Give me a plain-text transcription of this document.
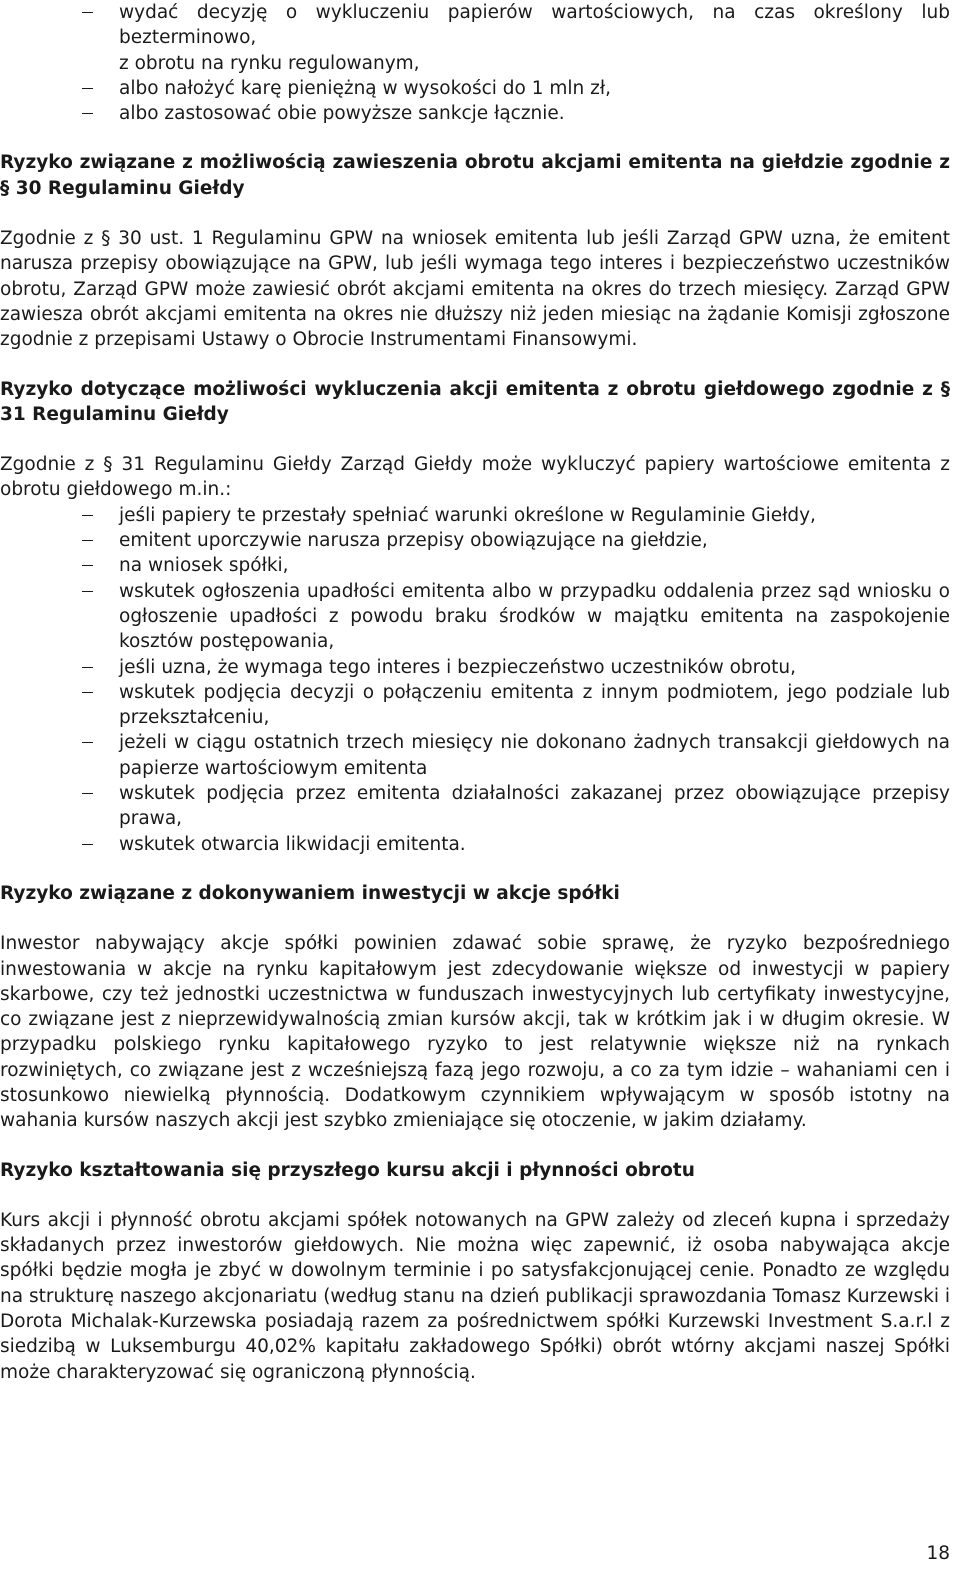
wydać decyzję o wykluczeniu papierów wartościowych, na czas określony lub bezterminowo,
z obrotu na rynku regulowanym,
albo nałożyć karę pieniężną w wysokości do 1 mln zł,
albo zastosować obie powyższe sankcje łącznie.
Ryzyko związane z możliwością zawieszenia obrotu akcjami emitenta na giełdzie zgodnie z § 30 Regulaminu Giełdy

Zgodnie z § 30 ust. 1 Regulaminu GPW na wniosek emitenta lub jeśli Zarząd GPW uzna, że emitent narusza przepisy obowiązujące na GPW, lub jeśli wymaga tego interes i bezpieczeństwo uczestników obrotu, Zarząd GPW może zawiesić obrót akcjami emitenta na okres do trzech miesięcy. Zarząd GPW zawiesza obrót akcjami emitenta na okres nie dłuższy niż jeden miesiąc na żądanie Komisji zgłoszone zgodnie z przepisami Ustawy o Obrocie Instrumentami Finansowymi.

Ryzyko dotyczące możliwości wykluczenia akcji emitenta z obrotu giełdowego zgodnie z § 31 Regulaminu Giełdy

Zgodnie z § 31 Regulaminu Giełdy Zarząd Giełdy może wykluczyć papiery wartościowe emitenta z obrotu giełdowego m.in.:

jeśli papiery te przestały spełniać warunki określone w Regulaminie Giełdy,
emitent uporczywie narusza przepisy obowiązujące na giełdzie,
na wniosek spółki,
wskutek ogłoszenia upadłości emitenta albo w przypadku oddalenia przez sąd wniosku o ogłoszenie upadłości z powodu braku środków w majątku emitenta na zaspokojenie kosztów postępowania,
jeśli uzna, że wymaga tego interes i bezpieczeństwo uczestników obrotu,
wskutek podjęcia decyzji o połączeniu emitenta z innym podmiotem, jego podziale lub przekształceniu,
jeżeli w ciągu ostatnich trzech miesięcy nie dokonano żadnych transakcji giełdowych na papierze wartościowym emitenta
wskutek podjęcia przez emitenta działalności zakazanej przez obowiązujące przepisy prawa,
wskutek otwarcia likwidacji emitenta.
Ryzyko związane z dokonywaniem inwestycji w akcje spółki

Inwestor nabywający akcje spółki powinien zdawać sobie sprawę, że ryzyko bezpośredniego inwestowania w akcje na rynku kapitałowym jest zdecydowanie większe od inwestycji w papiery skarbowe, czy też jednostki uczestnictwa w funduszach inwestycyjnych lub certyfikaty inwestycyjne, co związane jest z nieprzewidywalnością zmian kursów akcji, tak w krótkim jak i w długim okresie. W przypadku polskiego rynku kapitałowego ryzyko to jest relatywnie większe niż na rynkach rozwiniętych, co związane jest z wcześniejszą fazą jego rozwoju, a co za tym idzie – wahaniami cen i stosunkowo niewielką płynnością. Dodatkowym czynnikiem wpływającym w sposób istotny na wahania kursów naszych akcji jest szybko zmieniające się otoczenie, w jakim działamy.

Ryzyko kształtowania się przyszłego kursu akcji i płynności obrotu

Kurs akcji i płynność obrotu akcjami spółek notowanych na GPW zależy od zleceń kupna i sprzedaży składanych przez inwestorów giełdowych. Nie można więc zapewnić, iż osoba nabywająca akcje spółki będzie mogła je zbyć w dowolnym terminie i po satysfakcjonującej cenie. Ponadto ze względu na strukturę naszego akcjonariatu (według stanu na dzień publikacji sprawozdania Tomasz Kurzewski i Dorota Michalak-Kurzewska posiadają razem za pośrednictwem spółki Kurzewski Investment S.a.r.l z siedzibą w Luksemburgu 40,02% kapitału zakładowego Spółki) obrót wtórny akcjami naszej Spółki może charakteryzować się ograniczoną płynnością.

18
